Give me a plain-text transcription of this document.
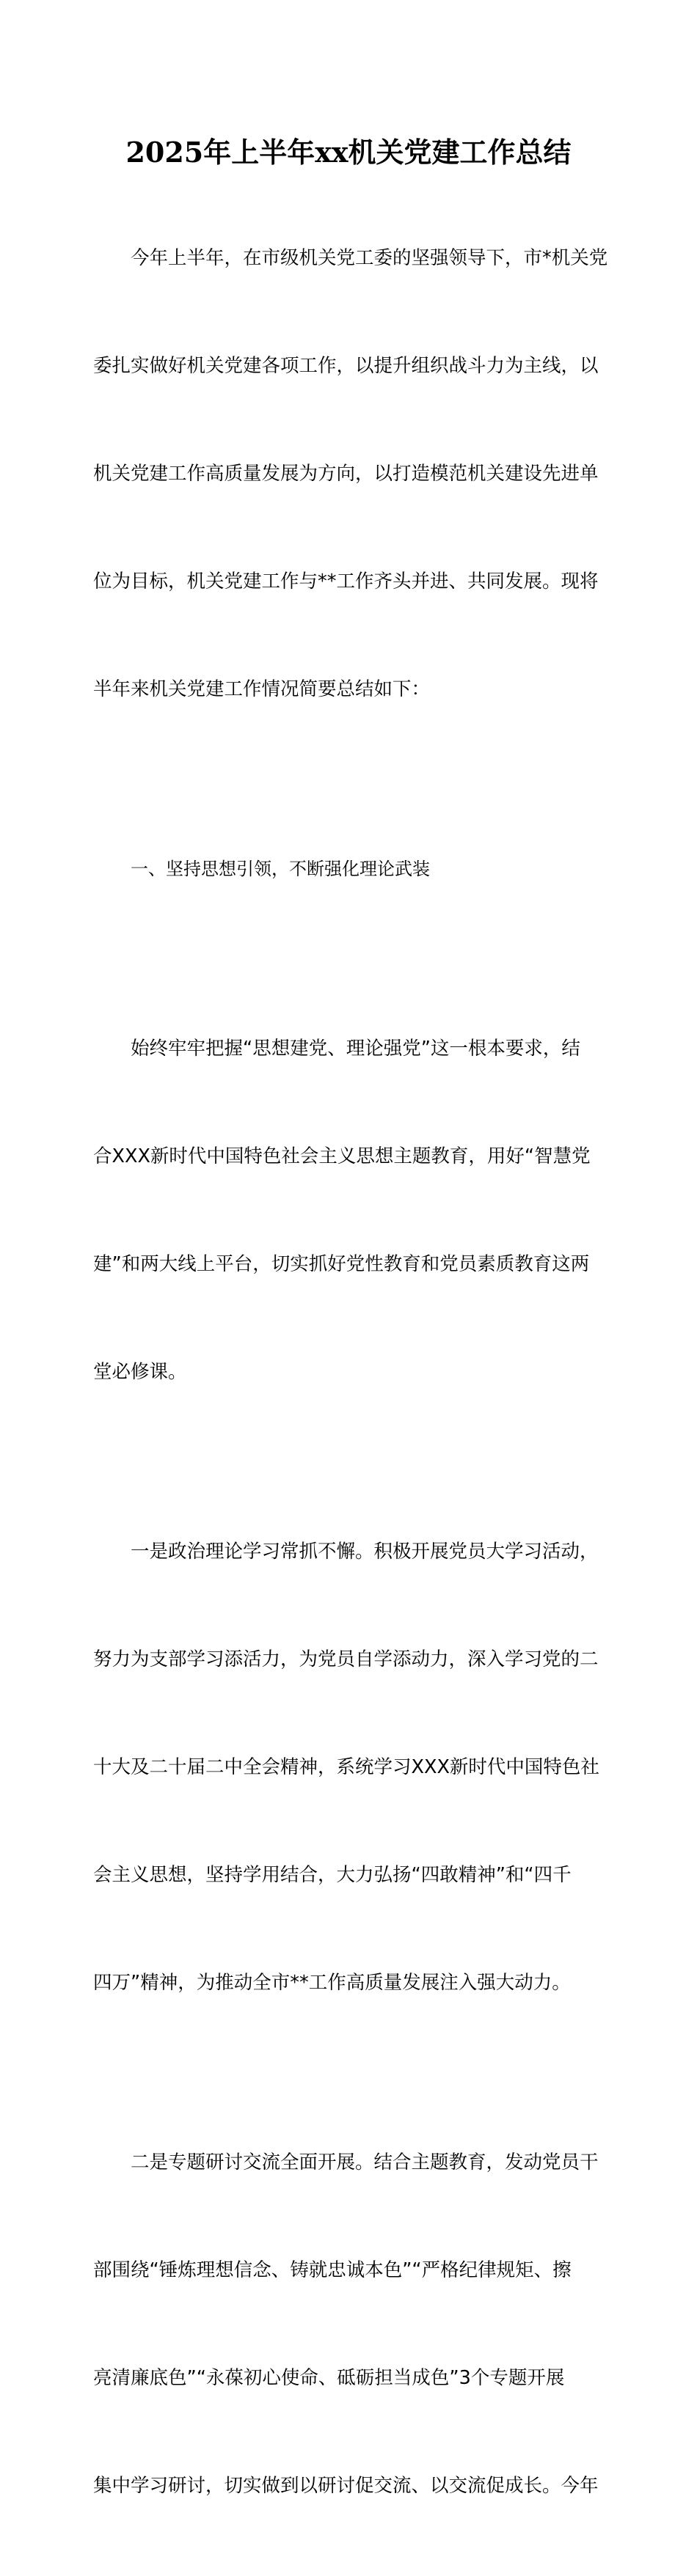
2025年上半年xx机关党建工作总结

今年上半年，在市级机关党工委的坚强领导下，市*机关党

委扎实做好机关党建各项工作，以提升组织战斗力为主线，以

机关党建工作高质量发展为方向，以打造模范机关建设先进单

位为目标，机关党建工作与**工作齐头并进、共同发展。现将

半年来机关党建工作情况简要总结如下：

一、坚持思想引领，不断强化理论武装

始终牢牢把握“思想建党、理论强党”这一根本要求，结

合XXX新时代中国特色社会主义思想主题教育，用好“智慧党

建”和两大线上平台，切实抓好党性教育和党员素质教育这两

堂必修课。

一是政治理论学习常抓不懈。积极开展党员大学习活动，

努力为支部学习添活力，为党员自学添动力，深入学习党的二

十大及二十届二中全会精神，系统学习XXX新时代中国特色社

会主义思想，坚持学用结合，大力弘扬“四敢精神”和“四千

四万”精神，为推动全市**工作高质量发展注入强大动力。

二是专题研讨交流全面开展。结合主题教育，发动党员干

部围绕“锤炼理想信念、铸就忠诚本色”“严格纪律规矩、擦

亮清廉底色”“永葆初心使命、砥砺担当成色”3个专题开展

集中学习研讨，切实做到以研讨促交流、以交流促成长。今年
